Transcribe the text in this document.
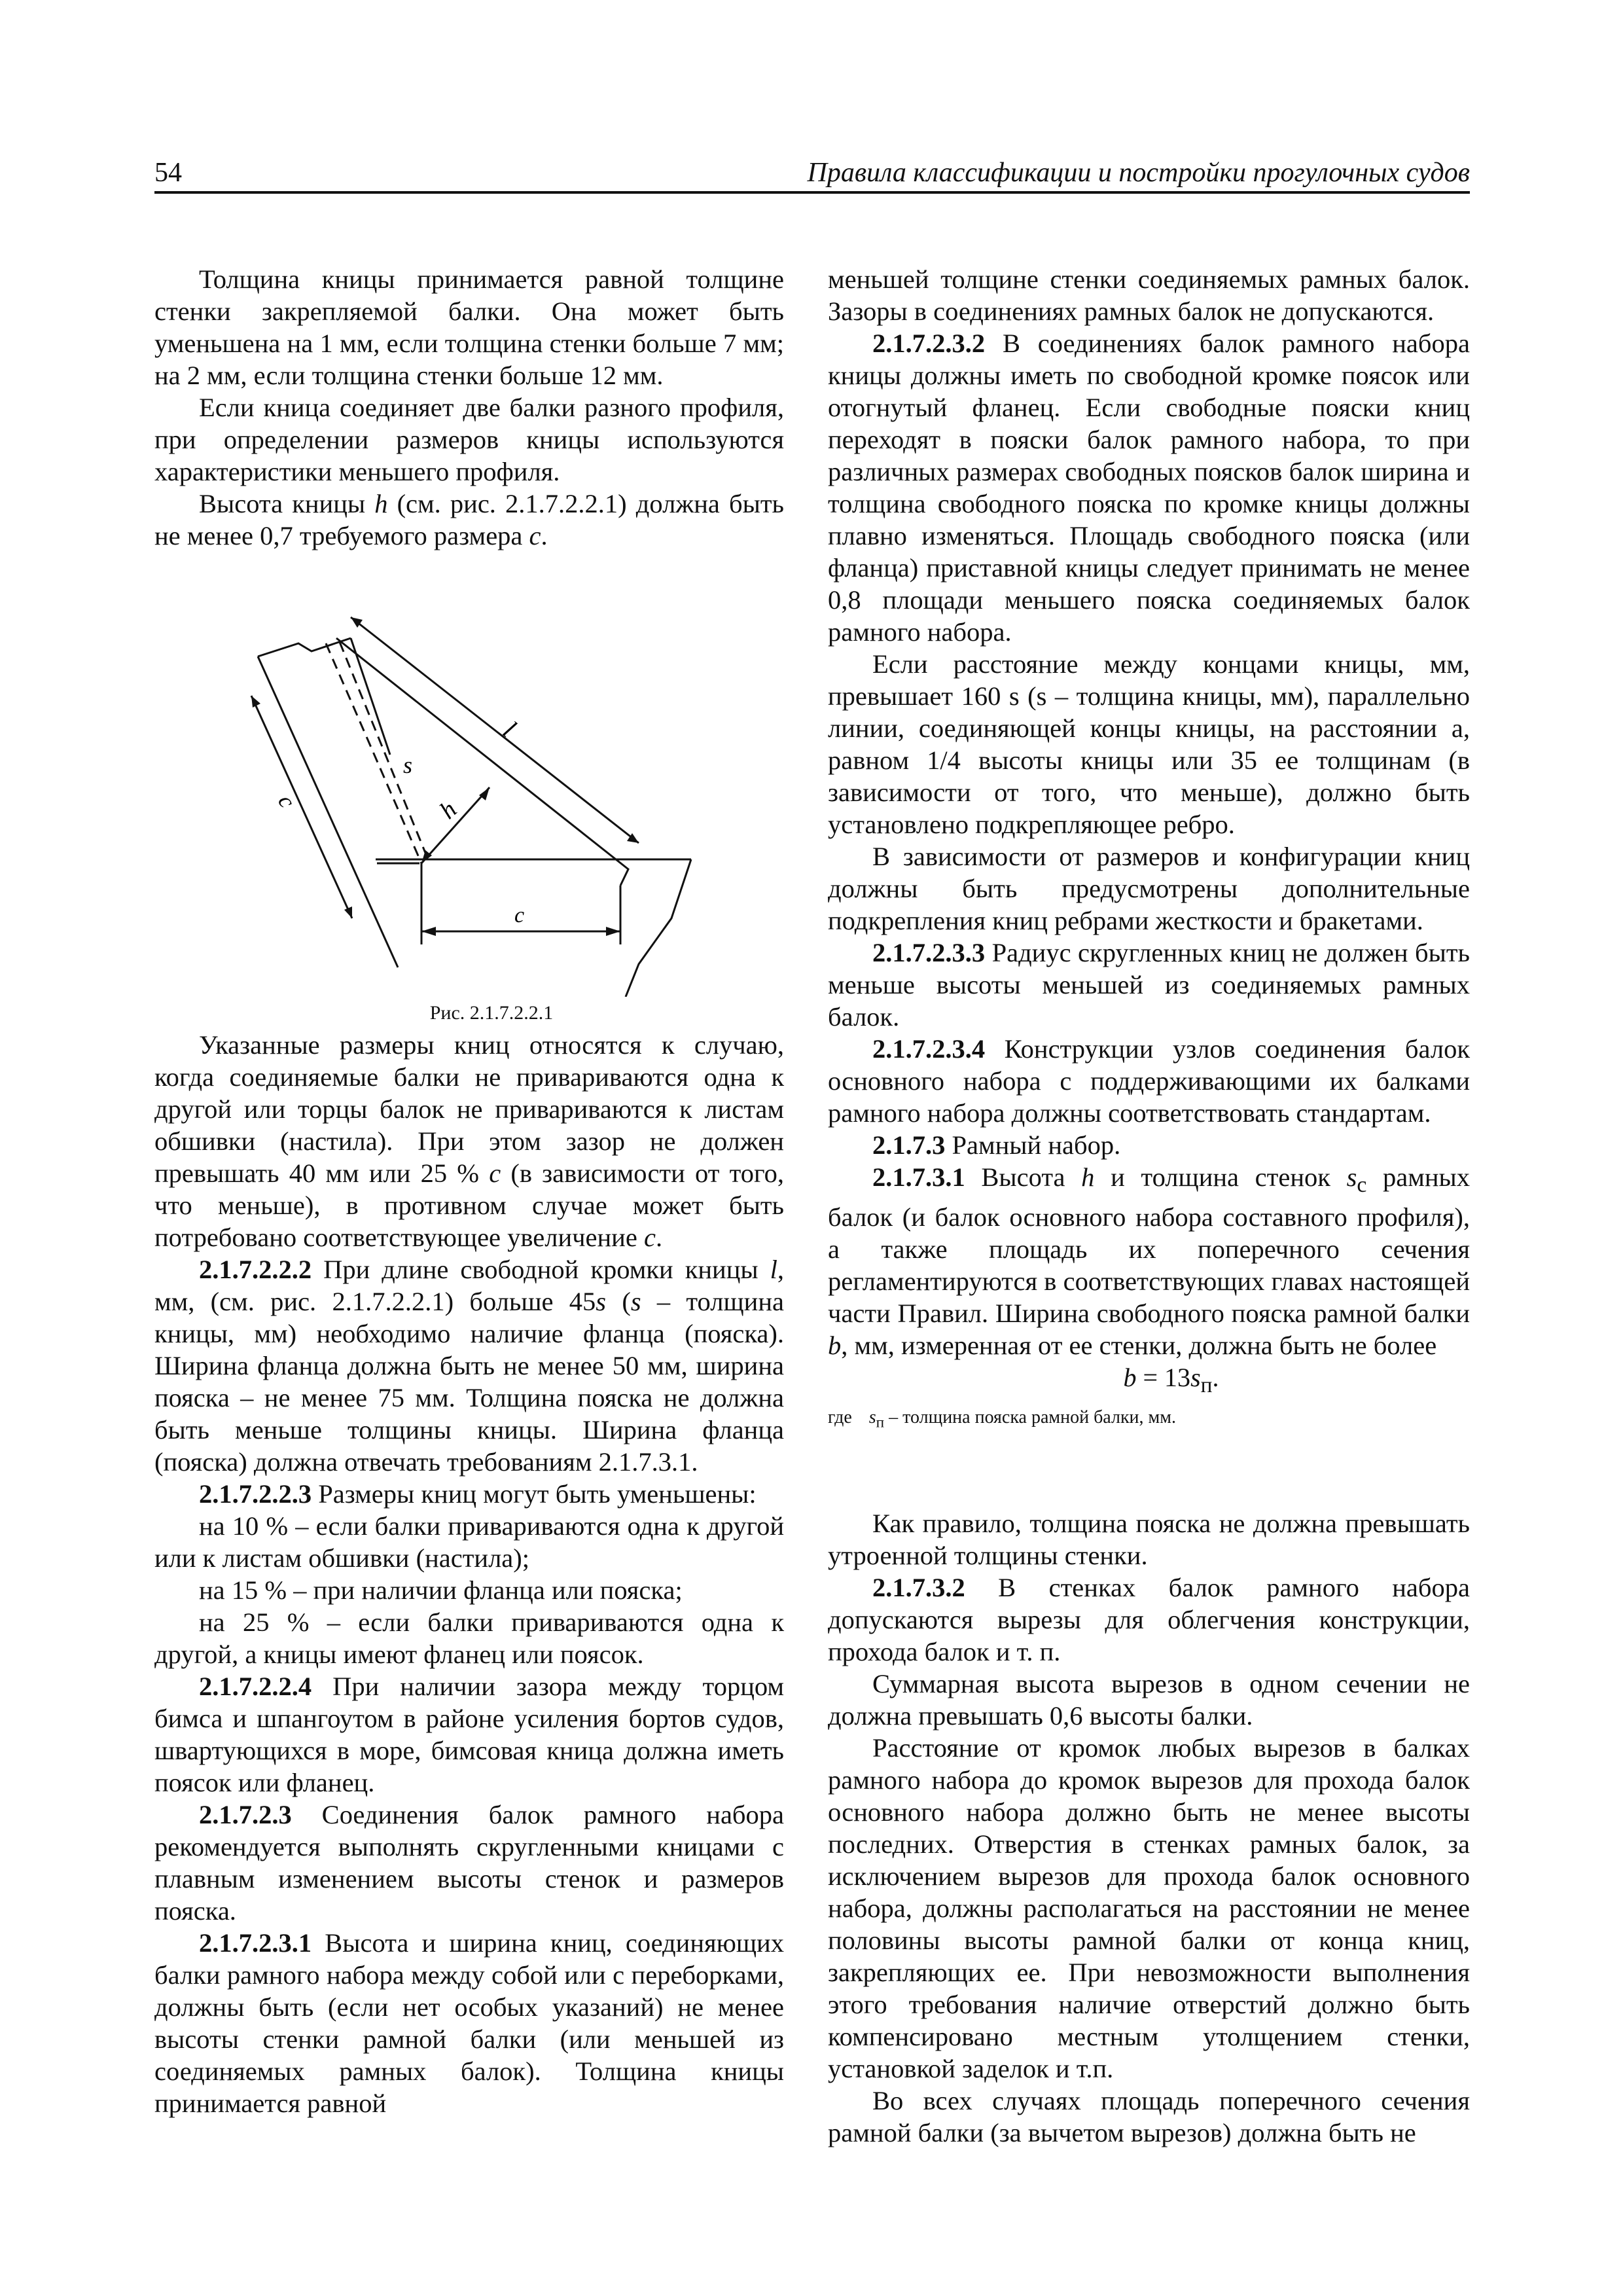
54	Правила классификации и постройки прогулочных судов

Толщина кницы принимается равной толщине стенки закрепляемой балки. Она может быть уменьшена на 1 мм, если толщина стенки больше 7 мм; на 2 мм, если толщина стенки больше 12 мм.

Если кница соединяет две балки разного профиля, при определении размеров кницы используются характеристики меньшего профиля.

Высота кницы h (см. рис. 2.1.7.2.2.1) должна быть не менее 0,7 требуемого размера c.

l
s
h
c
c

Рис. 2.1.7.2.2.1

Указанные размеры книц относятся к случаю, когда соединяемые балки не привариваются одна к другой или торцы балок не привариваются к листам обшивки (настила). При этом зазор не должен превышать 40 мм или 25 % c (в зависимости от того, что меньше), в противном случае может быть потребовано соответствующее увеличение c.

2.1.7.2.2.2 При длине свободной кромки кницы l, мм, (см. рис. 2.1.7.2.2.1) больше 45s (s – толщина кницы, мм) необходимо наличие фланца (пояска). Ширина фланца должна быть не менее 50 мм, ширина пояска – не менее 75 мм. Толщина пояска не должна быть меньше толщины кницы. Ширина фланца (пояска) должна отвечать требованиям 2.1.7.3.1.

2.1.7.2.2.3 Размеры книц могут быть уменьшены:

на 10 % – если балки привариваются одна к другой или к листам обшивки (настила);

на 15 % – при наличии фланца или пояска;

на 25 % – если балки привариваются одна к другой, а кницы имеют фланец или поясок.

2.1.7.2.2.4 При наличии зазора между торцом бимса и шпангоутом в районе усиления бортов судов, швартующихся в море, бимсовая кница должна иметь поясок или фланец.

2.1.7.2.3 Соединения балок рамного набора рекомендуется выполнять скругленными кницами с плавным изменением высоты стенок и размеров пояска.

2.1.7.2.3.1 Высота и ширина книц, соединяющих балки рамного набора между собой или с переборками, должны быть (если нет особых указаний) не менее высоты стенки рамной балки (или меньшей из соединяемых рамных балок). Толщина кницы принимается равной

меньшей толщине стенки соединяемых рамных балок. Зазоры в соединениях рамных балок не допускаются.

2.1.7.2.3.2 В соединениях балок рамного набора кницы должны иметь по свободной кромке поясок или отогнутый фланец. Если свободные пояски книц переходят в пояски балок рамного набора, то при различных размерах свободных поясков балок ширина и толщина свободного пояска по кромке кницы должны плавно изменяться. Площадь свободного пояска (или фланца) приставной кницы следует принимать не менее 0,8 площади меньшего пояска соединяемых балок рамного набора.

Если расстояние между концами кницы, мм, превышает 160 s (s – толщина кницы, мм), параллельно линии, соединяющей концы кницы, на расстоянии а, равном 1/4 высоты кницы или 35 ее толщинам (в зависимости от того, что меньше), должно быть установлено подкрепляющее ребро.

В зависимости от размеров и конфигурации книц должны быть предусмотрены дополнительные подкрепления книц ребрами жесткости и бракетами.

2.1.7.2.3.3 Радиус скругленных книц не должен быть меньше высоты меньшей из соединяемых рамных балок.

2.1.7.2.3.4 Конструкции узлов соединения балок основного набора с поддерживающими их балками рамного набора должны соответствовать стандартам.

2.1.7.3 Рамный набор.

2.1.7.3.1 Высота h и толщина стенок $s_c$ рамных балок (и балок основного набора составного профиля), а также площадь их поперечного сечения регламентируются в соответствующих главах настоящей части Правил. Ширина свободного пояска рамной балки b, мм, измеренная от ее стенки, должна быть не более

$b = 13s_п$.

где $s_п$ – толщина пояска рамной балки, мм.

Как правило, толщина пояска не должна превышать утроенной толщины стенки.

2.1.7.3.2 В стенках балок рамного набора допускаются вырезы для облегчения конструкции, прохода балок и т. п.

Суммарная высота вырезов в одном сечении не должна превышать 0,6 высоты балки.

Расстояние от кромок любых вырезов в балках рамного набора до кромок вырезов для прохода балок основного набора должно быть не менее высоты последних. Отверстия в стенках рамных балок, за исключением вырезов для прохода балок основного набора, должны располагаться на расстоянии не менее половины высоты рамной балки от конца книц, закрепляющих ее. При невозможности выполнения этого требования наличие отверстий должно быть компенсировано местным утолщением стенки, установкой заделок и т.п.

Во всех случаях площадь поперечного сечения рамной балки (за вычетом вырезов) должна быть не
